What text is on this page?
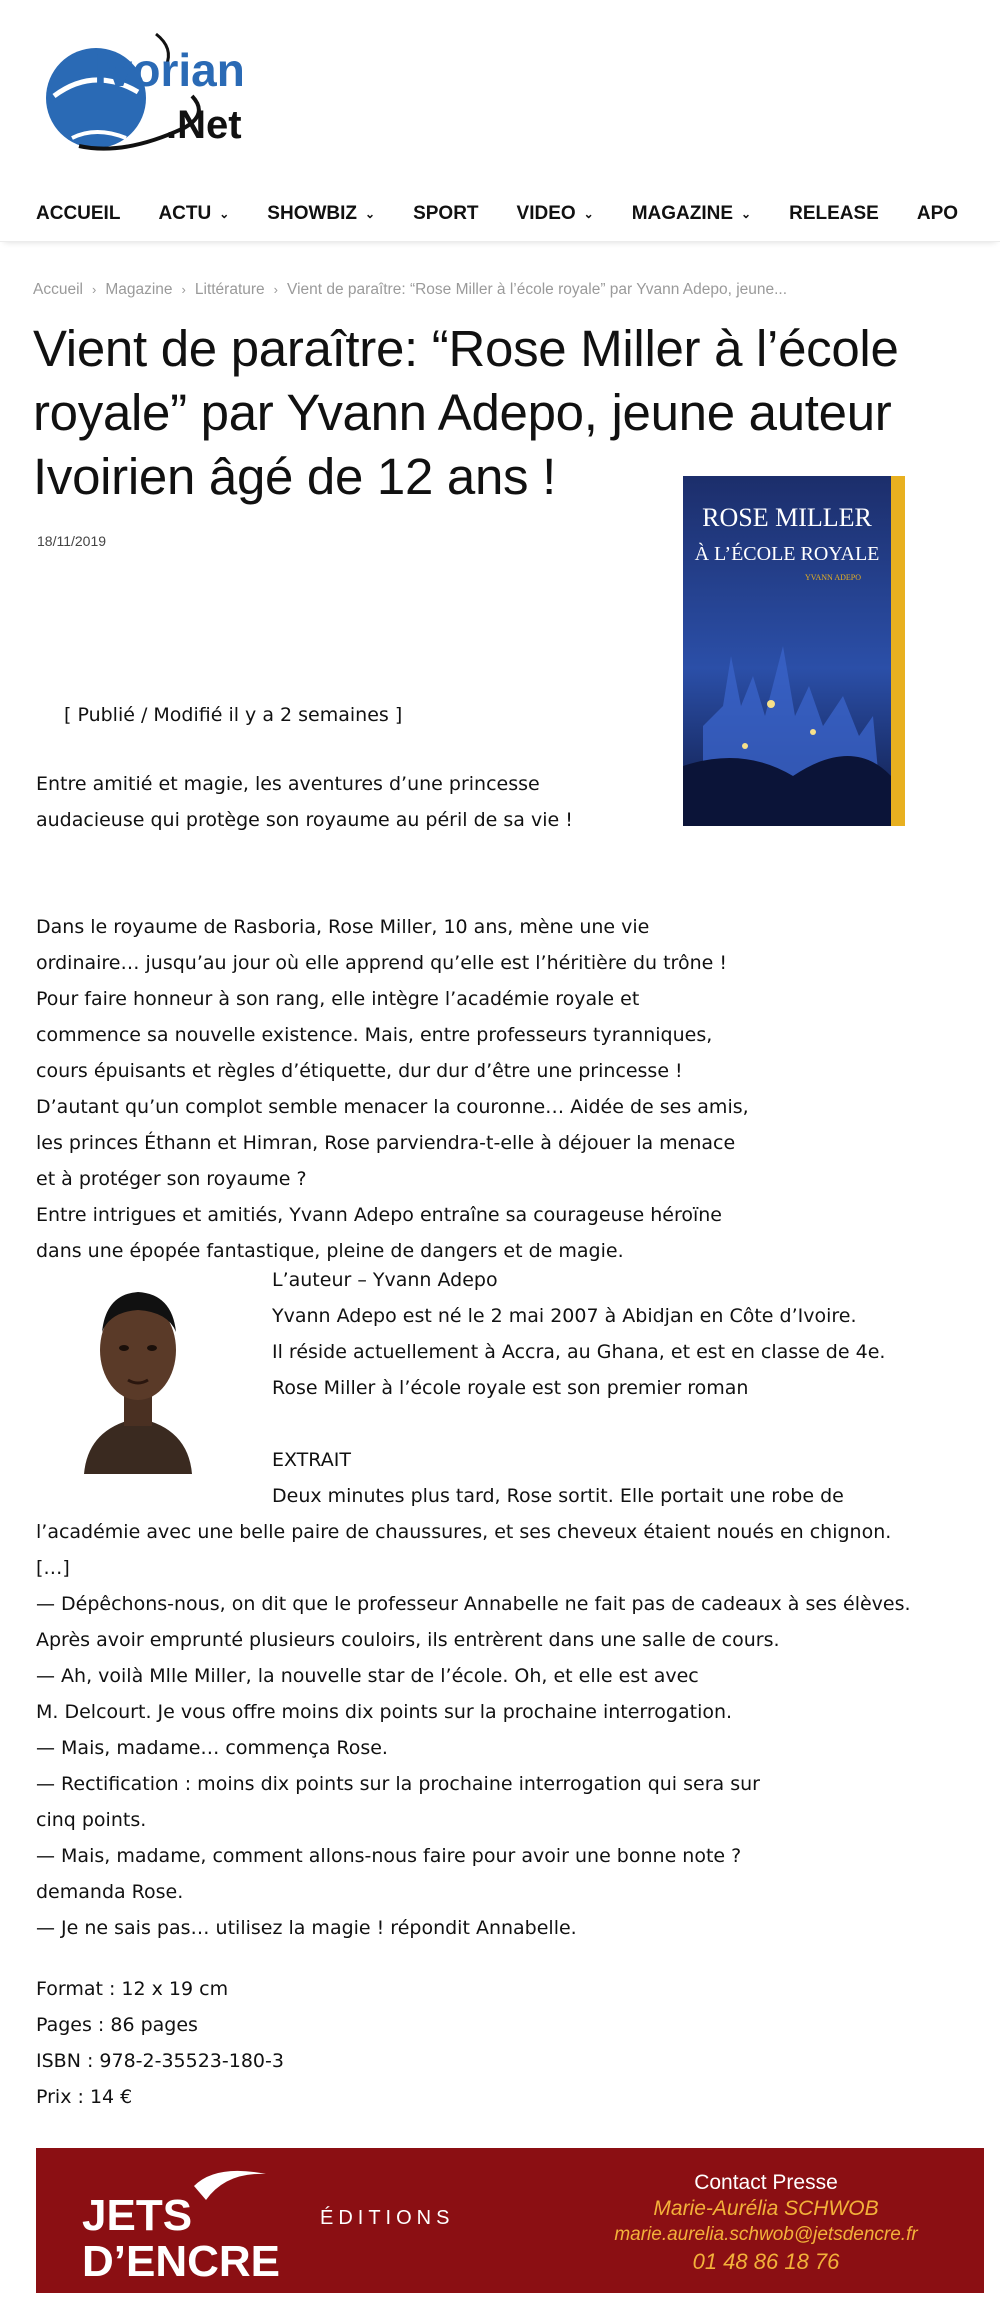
Ivorian
.Net
ACCUEIL ACTU ⌄ SHOWBIZ ⌄ SPORT VIDEO ⌄ MAGAZINE ⌄ RELEASE APO
Accueil › Magazine › Littérature › Vient de paraître: “Rose Miller à l’école royale” par Yvann Adepo, jeune...
Vient de paraître: “Rose Miller à l’école royale” par Yvann Adepo, jeune auteur Ivoirien âgé de 12 ans !
18/11/2019
ROSE MILLER
À L’ÉCOLE ROYALE
YVANN ADEPO
[ Publié / Modifié il y a 2 semaines ]
Entre amitié et magie, les aventures d’une princesse
audacieuse qui protège son royaume au péril de sa vie !
Dans le royaume de Rasboria, Rose Miller, 10 ans, mène une vie
ordinaire… jusqu’au jour où elle apprend qu’elle est l’héritière du trône !
Pour faire honneur à son rang, elle intègre l’académie royale et
commence sa nouvelle existence. Mais, entre professeurs tyranniques,
cours épuisants et règles d’étiquette, dur dur d’être une princesse !
D’autant qu’un complot semble menacer la couronne… Aidée de ses amis,
les princes Éthann et Himran, Rose parviendra-t-elle à déjouer la menace
et à protéger son royaume ?
Entre intrigues et amitiés, Yvann Adepo entraîne sa courageuse héroïne
dans une épopée fantastique, pleine de dangers et de magie.
L’auteur – Yvann Adepo
Yvann Adepo est né le 2 mai 2007 à Abidjan en Côte d’Ivoire.
Il réside actuellement à Accra, au Ghana, et est en classe de 4e.
Rose Miller à l’école royale est son premier roman

EXTRAIT
Deux minutes plus tard, Rose sortit. Elle portait une robe de
l’académie avec une belle paire de chaussures, et ses cheveux étaient noués en chignon.
[…]
— Dépêchons-nous, on dit que le professeur Annabelle ne fait pas de cadeaux à ses élèves.
Après avoir emprunté plusieurs couloirs, ils entrèrent dans une salle de cours.
— Ah, voilà Mlle Miller, la nouvelle star de l’école. Oh, et elle est avec
M. Delcourt. Je vous offre moins dix points sur la prochaine interrogation.
— Mais, madame… commença Rose.
— Rectification : moins dix points sur la prochaine interrogation qui sera sur
cinq points.
— Mais, madame, comment allons-nous faire pour avoir une bonne note ?
demanda Rose.
— Je ne sais pas… utilisez la magie ! répondit Annabelle.
Format : 12 x 19 cm
Pages : 86 pages
ISBN : 978-2-35523-180-3
Prix : 14 €
JETS	ÉDITIONS
D’ENCRE
Contact Presse
Marie-Aurélia SCHWOB
marie.aurelia.schwob@jetsdencre.fr
01 48 86 18 76
